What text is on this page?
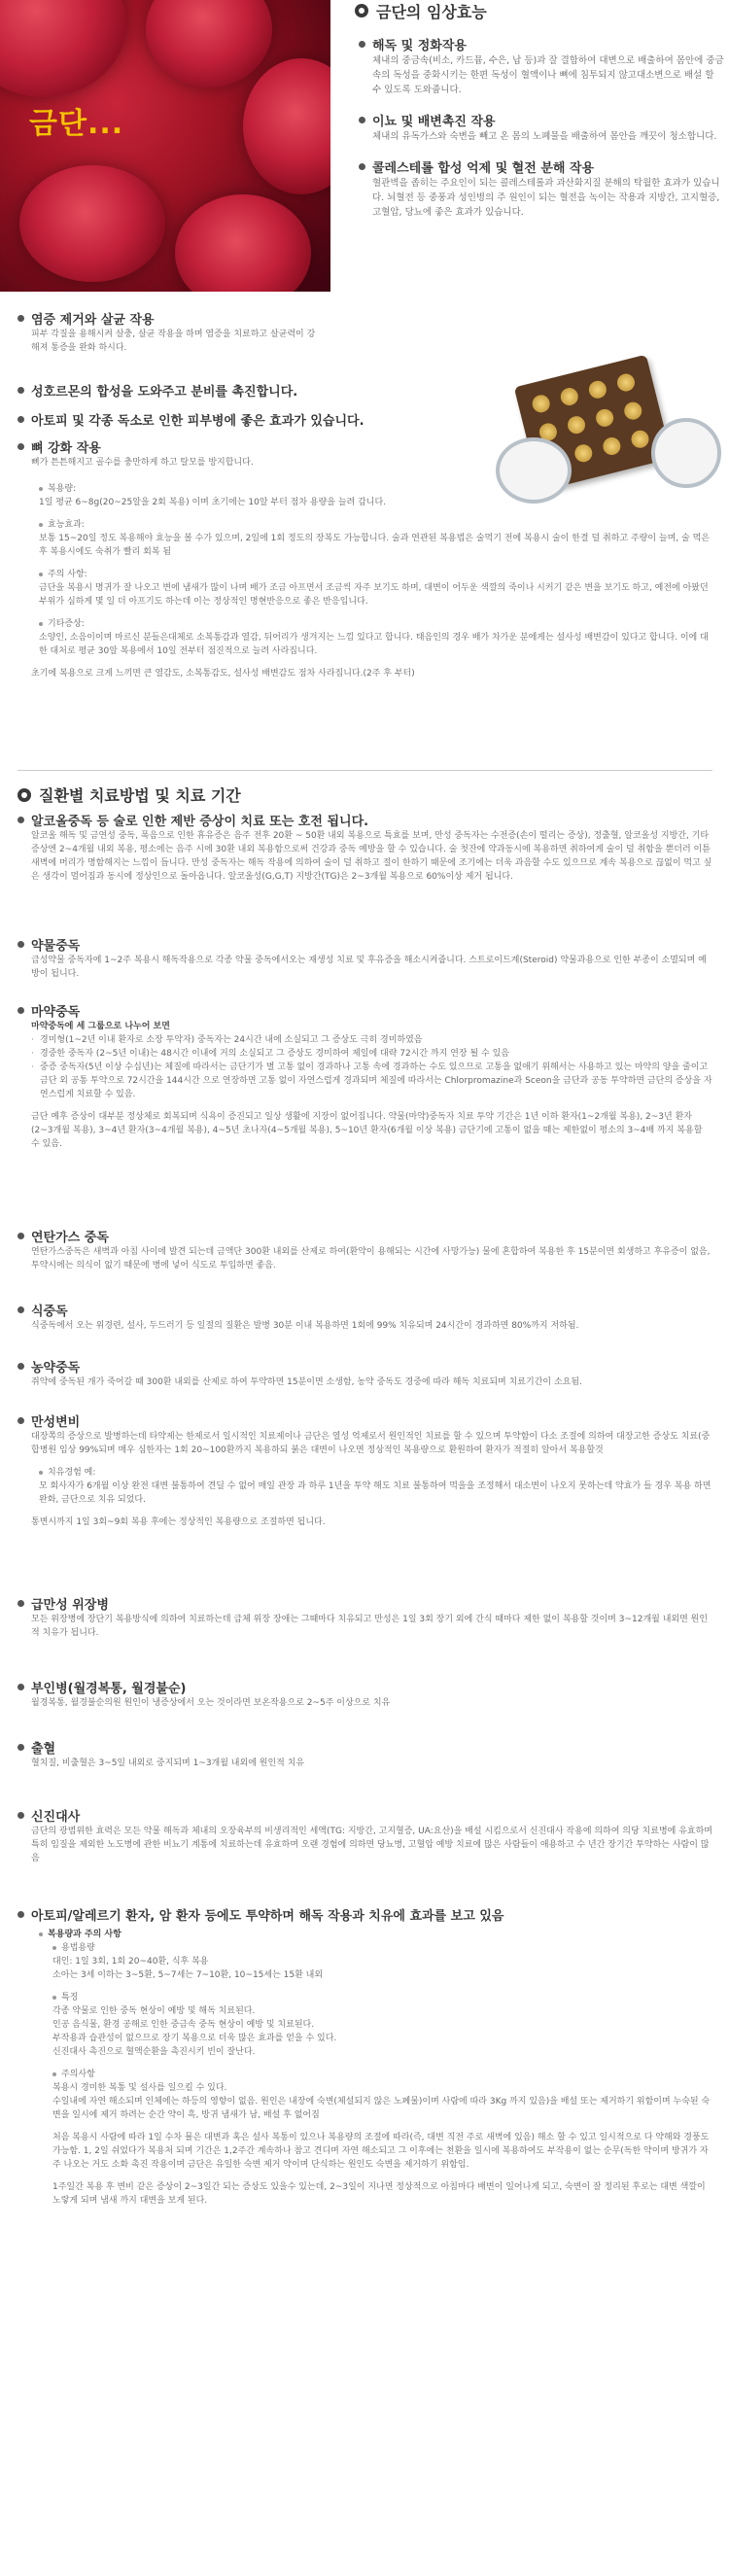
금단...
금단의 임상효능
해독 및 정화작용
체내의 중금속(비소, 카드뮴, 수은, 납 등)과 잘 결합하여 대변으로 배출하여 몸안에 중금속의 독성을 중화시키는 한편 독성이 혈액이나 뼈에 침투되지 않고대소변으로 배설 할 수 있도록 도와줍니다.
이뇨 및 배변촉진 작용
체내의 유독가스와 숙변을 빼고 온 몸의 노폐물을 배출하여 몸안을 깨끗이 청소합니다.
콜레스테롤 합성 억제 및 혈전 분해 작용
혈관벽을 좁히는 주요인이 되는 콜레스테롤과 과산화지질 분해의 탁월한 효과가 있습니다. 뇌혈전 등 중풍과 성인병의 주 원인이 되는 혈전을 녹이는 작용과 지방간, 고지혈증, 고혈압, 당뇨에 좋은 효과가 있습니다.
염증 제거와 살균 작용
피부 각질을 용해시켜 살충, 살균 작용을 하며 염증을 치료하고 살균력이 강해져 통증을 완화 하시다.
성호르몬의 합성을 도와주고 분비를 촉진합니다.
아토피 및 각종 독소로 인한 피부병에 좋은 효과가 있습니다.
뼈 강화 작용
뼈가 튼튼해지고 골수를 충만하게 하고 탈모를 방지합니다.
복용량:
1일 평균 6~8g(20~25알을 2회 복용) 이며 초기에는 10알 부터 점차 용량을 늘려 갑니다.
효능효과:
보통 15~20일 정도 복용해야 효능을 볼 수가 있으며, 2일에 1회 정도의 장복도 가능합니다. 술과 연관된 복용법은 술먹기 전에 복용시 술이 한결 덜 취하고 주량이 늘며, 술 먹은 후 복용시에도 숙취가 빨리 회복 됨
주의 사항:
금단을 복용시 명귀가 잘 나오고 변에 냄새가 많이 나며 배가 조금 아프면서 조금씩 자주 보기도 하며, 대변이 어두운 색깔의 죽이나 시커기 같은 변을 보기도 하고, 예전에 아팠던 부위가 심하게 몇 일 더 아프기도 하는데 이는 정상적인 명현반응으로 좋은 반응입니다.
기타증상:
소양인, 소음이이며 마르신 분들은대체로 소복통감과 열감, 뒤어리가 생겨지는 느낌 있다고 합니다. 태음인의 경우 배가 차가운 분에게는 설사성 배변감이 있다고 합니다. 이에 대한 대처로 평균 30알 복용에서 10일 전부터 점진적으로 늘려 사라집니다.
초기에 복용으로 크게 느끼면 큰 열감도, 소복통감도, 설사성 배변감도 점차 사라집니다.(2주 후 부터)
질환별 치료방법 및 치료 기간
알코올중독 등 술로 인한 제반 증상이 치료 또는 호전 됩니다.
알코올 해독 및 금연성 중독, 폭음으로 인한 휴유증은 음주 전후 20환 ~ 50환 내외 복용으로 특효를 보며, 만성 중독자는 수전증(손이 떨리는 증상), 정출혈, 알코올성 지방간, 기타 증상엔 2~4개월 내외 복용, 평소에는 음주 시에 30환 내외 복용함으로써 건강과 중독 예방을 할 수 있습니다. 술 첫잔에 약과동시에 복용하면 취하여게 술이 덜 취함을 뿐더러 이튿 새벽에 머리가 명함해지는 느낌이 듭니다. 만성 중독자는 해독 작용에 의하여 술이 덜 취하고 절이 한하기 때문에 조기에는 더욱 과음할 수도 있으므로 계속 복용으로 끊없이 먹고 싶은 생각이 멀어짐과 동시에 정상인으로 돌아옵니다. 알코올성(G,G,T) 지방간(TG)은 2~3개월 복용으로 60%이상 제거 됩니다.
약물중독
급성약물 중독자에 1~2주 복용시 해독작용으로 각종 약물 중독에서오는 재생성 치료 및 후유증을 해소시켜줍니다. 스트로이드계(Steroid) 약물과용으로 인한 부종이 소멸되며 예방이 됩니다.
마약중독
마약중독에 세 그룹으로 나누어 보면
· 경미형(1~2년 이내 환자로 소장 투약자) 중독자는 24시간 내에 소실되고 그 증상도 극히 경미하였음
· 경중한 중독자 (2~5년 이내)는 48시간 이내에 거의 소실되고 그 증상도 경미하여 제일에 대략 72시간 까지 연장 될 수 있음
· 중증 중독자(5년 이상 수십년)는 체질에 따라서는 금단기가 별 고통 없이 경과하나 고통 속에 경과하는 수도 있으므로 고통을 없애기 위해서는 사용하고 있는 마약의 양을 줄이고 금단 외 공통 투약으로 72시간을 144시간 으로 연장하면 고통 없이 자연스럽게 경과되며 체질에 따라서는 Chlorpromazine과 Sceon을 금단과 공동 투약하면 금단의 증상을 자연스럽게 치료할 수 있음.
금단 예후 증상이 대부분 정상체로 회복되며 식욕이 증진되고 일상 생활에 지장이 없어집니다. 약물(마약)중독자 치료 투약 기간은 1년 이하 환자(1~2개월 복용), 2~3년 환자(2~3개월 복용), 3~4년 환자(3~4개월 복용), 4~5년 초나자(4~5개월 복용), 5~10년 환자(6개월 이상 복용) 금단기에 고통이 없을 때는 제한없이 평소의 3~4배 까지 복용할 수 있음.
연탄가스 중독
연탄가스중독은 새벽과 아침 사이에 발견 되는데 금액단 300환 내외를 산제로 하여(환약이 용해되는 시간에 사망가능) 물에 혼합하여 복용한 후 15분이면 회생하고 후유증이 없음, 투약시에는 의식이 없기 때문에 병에 넣어 식도로 투입하면 좋음.
식중독
식중독에서 오는 위경련, 설사, 두드러기 등 일절의 질환은 발병 30분 이내 복용하면 1회에 99% 치유되며 24시간이 경과하면 80%까지 저하됨.
농약중독
쥐약에 중독된 개가 죽어갈 때 300환 내외를 산제로 하여 투약하면 15분이면 소생함, 농약 중독도 경중에 따라 해독 치료되며 치료기간이 소요됨.
만성변비
대장쪽의 증상으로 발병하는데 타약제는 한제로서 일시적인 치료제이나 금단은 열성 억제로서 원인적인 치료를 할 수 있으며 투약함이 다소 조절에 의하여 대장고한 증상도 치료(중합병원 임상 99%되며 매우 심한자는 1회 20~100환까지 복용하되 붉은 대변이 나오면 정상적인 복용량으로 환원하여 환자가 적절히 알아서 복용할것
치유경험 예:
모 회사자가 6개월 이상 완전 대변 불통하여 견딜 수 없어 매일 관장 과 하루 1년을 투약 해도 치료 불통하여 먹을을 조정해서 대소변이 나오지 못하는데 약효가 들 경우 복용 하면 완화, 금단으로 치유 되었다.
통변시까지 1일 3회~9회 복용 후에는 정상적인 복용량으로 조절하면 됩니다.
급만성 위장병
모든 위장병에 장단기 복용방식에 의하여 치료하는데 급체 위장 장애는 그때마다 치유되고 만성은 1일 3회 장기 외에 간식 때마다 제한 없이 복용할 것이며 3~12개월 내외면 원인적 치유가 됩니다.
부인병(월경복통, 월경불순)
월경복통, 월경불순의원 원인이 냉증상에서 오는 것이라면 보온작용으로 2~5주 이상으로 치유
출혈
혈치질, 비출혈은 3~5일 내외로 중지되며 1~3개월 내외에 원인적 치유
신진대사
금단의 광범위한 효력은 모든 약물 해독과 체내의 오장육부의 비생리적인 세액(TG: 지방간, 고지혈증, UA:요산)을 배설 시킴으로서 신진대사 작용에 의하여 의당 치료병에 유효하며 특히 임질을 제외한 노도병에 관한 비뇨기 계통에 치료하는데 유효하며 오랜 경험에 의하면 당뇨병, 고혈압 예방 치료에 많은 사람들이 애용하고 수 년간 장기간 투약하는 사람이 많음
아토피/알레르기 환자, 암 환자 등에도 투약하며 해독 작용과 치유에 효과를 보고 있음
복용량과 주의 사항
용법용량
대인: 1일 3회, 1회 20~40환, 식후 복용
소아는 3세 이하는 3~5환, 5~7세는 7~10환, 10~15세는 15환 내외
특징
각종 약물로 인한 중독 현상이 예방 및 해독 치료된다.
인공 음식물, 환경 공해로 인한 중금속 중독 현상이 예방 및 치료된다.
부작용과 습관성이 없으므로 장기 복용으로 더욱 많은 효과를 얻을 수 있다.
신진대사 촉진으로 혈액순환을 촉진시키 빈이 잘난다.
주의사항
복용시 경미한 복통 및 설사를 일으킬 수 있다.
수일내에 자연 해소되며 인체에는 하등의 영향이 없음. 원인은 내장에 숙변(체설되지 않은 노폐물)이며 사람에 따라 3Kg 까지 있음)을 배설 또는 제거하기 위함이며 누숙된 숙변을 일시에 제거 하려는 순간 약이 흑, 방귀 냄새가 남, 배설 후 없어짐
처음 복용시 사람에 따라 1일 수차 뮬은 대변과 혹은 설사 복통이 있으나 복용량의 조절에 따라(즉, 대변 직전 주로 새벽에 있음) 해소 할 수 있고 일시적으로 다 약해와 경풍도 가능함. 1, 2일 쉬었다가 복용처 되며 기간은 1,2주간 계속하나 참고 견디며 자연 해소되고 그 이후에는 천환을 일시에 복용하여도 부작용이 없는 순무(독한 약이며 방귀가 자주 나오는 거도 소화 촉진 작용이며 금단은 유일한 숙변 제거 약이며 단식하는 원인도 숙변을 제거하기 위함임.
1주일간 복용 후 변비 같은 증상이 2~3일간 되는 증상도 있을수 있는데, 2~3일이 지나면 정상적으로 아침마다 배변이 일어나게 되고, 숙변이 잘 정리된 후로는 대변 색깔이 노랗게 되며 냄새 까지 대변을 보게 된다.
